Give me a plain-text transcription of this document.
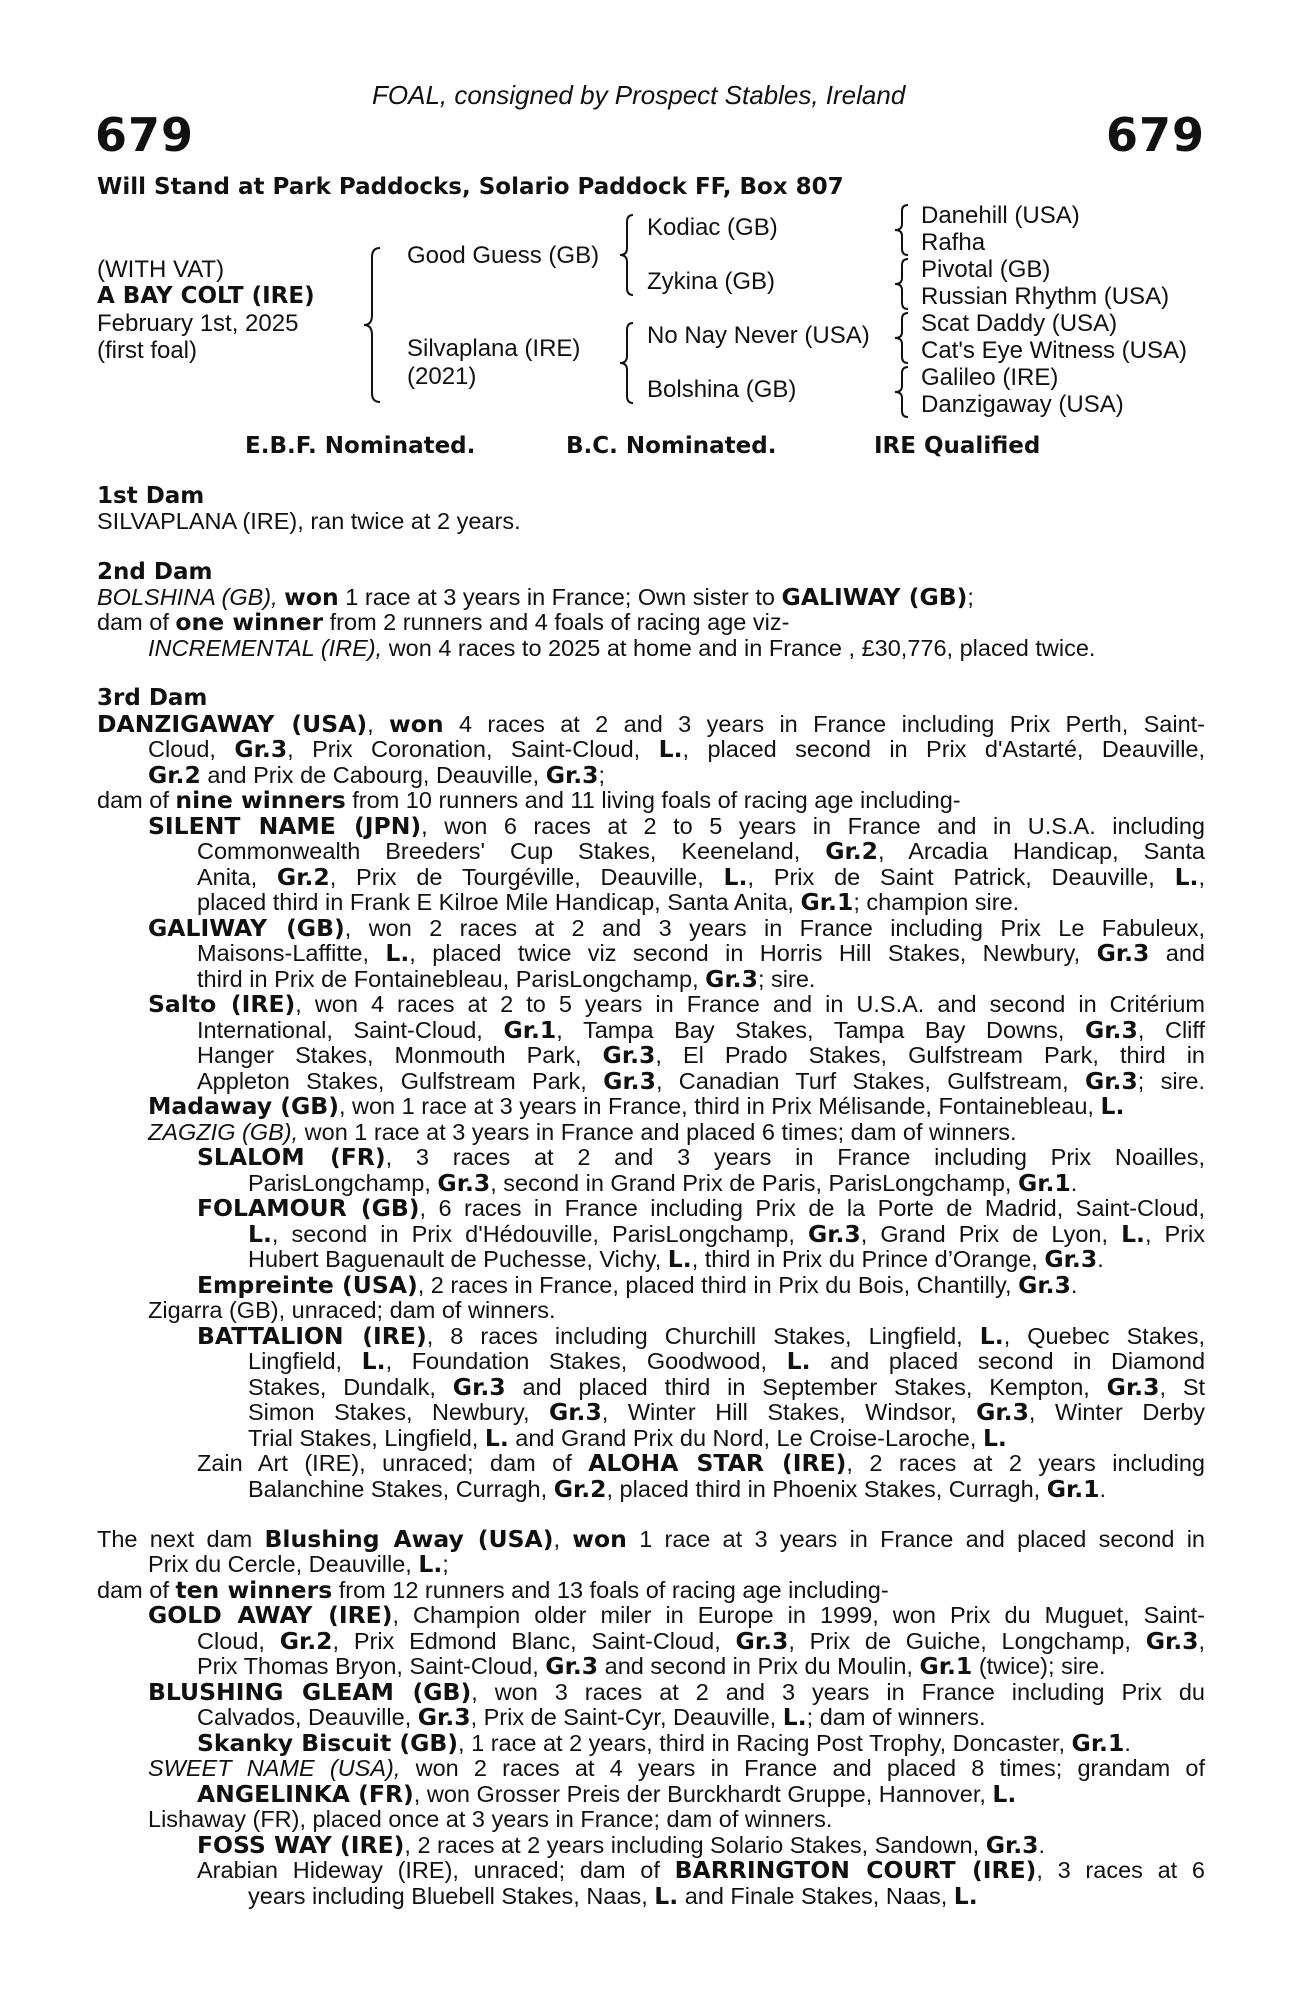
FOAL, consigned by Prospect Stables, Ireland
679	679
Will Stand at Park Paddocks, Solario Paddock FF, Box 807
(WITH VAT)
A BAY COLT (IRE)
February 1st, 2025
(first foal)
Good Guess (GB)
Silvaplana (IRE)
(2021)
Kodiac (GB)
Zykina (GB)
No Nay Never (USA)
Bolshina (GB)
Danehill (USA)
Rafha
Pivotal (GB)
Russian Rhythm (USA)
Scat Daddy (USA)
Cat's Eye Witness (USA)
Galileo (IRE)
Danzigaway (USA)
E.B.F. Nominated.	B.C. Nominated.	IRE Qualified
1st Dam
SILVAPLANA (IRE), ran twice at 2 years.
2nd Dam
BOLSHINA (GB), won 1 race at 3 years in France; Own sister to GALIWAY (GB);
dam of one winner from 2 runners and 4 foals of racing age viz-
INCREMENTAL (IRE), won 4 races to 2025 at home and in France , £30,776, placed twice.
3rd Dam
DANZIGAWAY (USA), won 4 races at 2 and 3 years in France including Prix Perth, Saint-
Cloud, Gr.3, Prix Coronation, Saint-Cloud, L., placed second in Prix d'Astarté, Deauville,
Gr.2 and Prix de Cabourg, Deauville, Gr.3;
dam of nine winners from 10 runners and 11 living foals of racing age including-
SILENT NAME (JPN), won 6 races at 2 to 5 years in France and in U.S.A. including
Commonwealth Breeders' Cup Stakes, Keeneland, Gr.2, Arcadia Handicap, Santa
Anita, Gr.2, Prix de Tourgéville, Deauville, L., Prix de Saint Patrick, Deauville, L.,
placed third in Frank E Kilroe Mile Handicap, Santa Anita, Gr.1; champion sire.
GALIWAY (GB), won 2 races at 2 and 3 years in France including Prix Le Fabuleux,
Maisons-Laffitte, L., placed twice viz second in Horris Hill Stakes, Newbury, Gr.3 and
third in Prix de Fontainebleau, ParisLongchamp, Gr.3; sire.
Salto (IRE), won 4 races at 2 to 5 years in France and in U.S.A. and second in Critérium
International, Saint-Cloud, Gr.1, Tampa Bay Stakes, Tampa Bay Downs, Gr.3, Cliff
Hanger Stakes, Monmouth Park, Gr.3, El Prado Stakes, Gulfstream Park, third in
Appleton Stakes, Gulfstream Park, Gr.3, Canadian Turf Stakes, Gulfstream, Gr.3; sire.
Madaway (GB), won 1 race at 3 years in France, third in Prix Mélisande, Fontainebleau, L.
ZAGZIG (GB), won 1 race at 3 years in France and placed 6 times; dam of winners.
SLALOM (FR), 3 races at 2 and 3 years in France including Prix Noailles,
ParisLongchamp, Gr.3, second in Grand Prix de Paris, ParisLongchamp, Gr.1.
FOLAMOUR (GB), 6 races in France including Prix de la Porte de Madrid, Saint-Cloud,
L., second in Prix d'Hédouville, ParisLongchamp, Gr.3, Grand Prix de Lyon, L., Prix
Hubert Baguenault de Puchesse, Vichy, L., third in Prix du Prince d’Orange, Gr.3.
Empreinte (USA), 2 races in France, placed third in Prix du Bois, Chantilly, Gr.3.
Zigarra (GB), unraced; dam of winners.
BATTALION (IRE), 8 races including Churchill Stakes, Lingfield, L., Quebec Stakes,
Lingfield, L., Foundation Stakes, Goodwood, L. and placed second in Diamond
Stakes, Dundalk, Gr.3 and placed third in September Stakes, Kempton, Gr.3, St
Simon Stakes, Newbury, Gr.3, Winter Hill Stakes, Windsor, Gr.3, Winter Derby
Trial Stakes, Lingfield, L. and Grand Prix du Nord, Le Croise-Laroche, L.
Zain Art (IRE), unraced; dam of ALOHA STAR (IRE), 2 races at 2 years including
Balanchine Stakes, Curragh, Gr.2, placed third in Phoenix Stakes, Curragh, Gr.1.
The next dam Blushing Away (USA), won 1 race at 3 years in France and placed second in
Prix du Cercle, Deauville, L.;
dam of ten winners from 12 runners and 13 foals of racing age including-
GOLD AWAY (IRE), Champion older miler in Europe in 1999, won Prix du Muguet, Saint-
Cloud, Gr.2, Prix Edmond Blanc, Saint-Cloud, Gr.3, Prix de Guiche, Longchamp, Gr.3,
Prix Thomas Bryon, Saint-Cloud, Gr.3 and second in Prix du Moulin, Gr.1 (twice); sire.
BLUSHING GLEAM (GB), won 3 races at 2 and 3 years in France including Prix du
Calvados, Deauville, Gr.3, Prix de Saint-Cyr, Deauville, L.; dam of winners.
Skanky Biscuit (GB), 1 race at 2 years, third in Racing Post Trophy, Doncaster, Gr.1.
SWEET NAME (USA), won 2 races at 4 years in France and placed 8 times; grandam of
ANGELINKA (FR), won Grosser Preis der Burckhardt Gruppe, Hannover, L.
Lishaway (FR), placed once at 3 years in France; dam of winners.
FOSS WAY (IRE), 2 races at 2 years including Solario Stakes, Sandown, Gr.3.
Arabian Hideway (IRE), unraced; dam of BARRINGTON COURT (IRE), 3 races at 6
years including Bluebell Stakes, Naas, L. and Finale Stakes, Naas, L.
